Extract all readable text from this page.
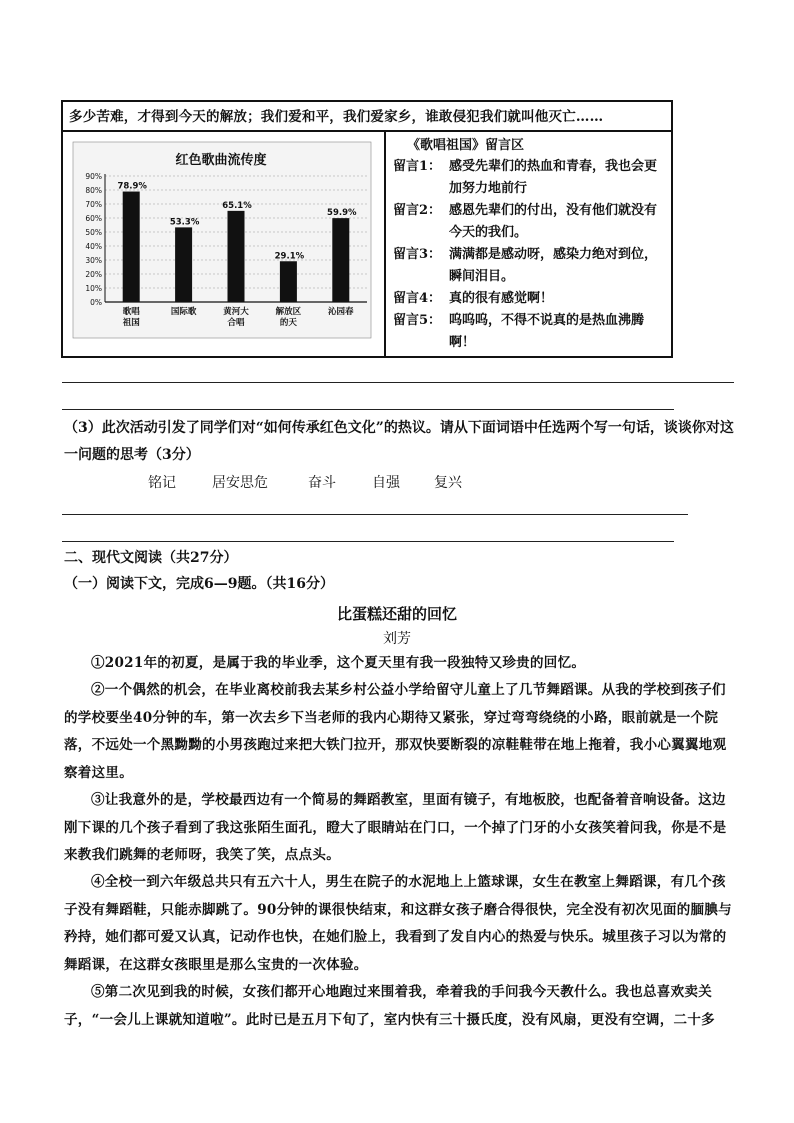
多少苦难，才得到今天的解放；我们爱和平，我们爱家乡，谁敢侵犯我们就叫他灭亡……
红色歌曲流传度
90%
80%
70%
60%
50%
40%
30%
20%
10%
0%
78.9%
歌唱
祖国
53.3%
国际歌
65.1%
黄河大
合唱
29.1%
解放区
的天
59.9%
沁园春
《歌唱祖国》留言区
留言1： 感受先辈们的热血和青春，我也会更加努力地前行
留言2： 感恩先辈们的付出，没有他们就没有今天的我们。
留言3： 满满都是感动呀，感染力绝对到位，瞬间泪目。
留言4： 真的很有感觉啊！
留言5： 呜呜呜，不得不说真的是热血沸腾啊！
（3）此次活动引发了同学们对“如何传承红色文化”的热议。请从下面词语中任选两个写一句话，谈谈你对这一问题的思考（3分）
铭记	居安思危	奋斗	自强	复兴
二、现代文阅读（共27分）
（一）阅读下文，完成6—9题。（共16分）
比蛋糕还甜的回忆
刘芳
①2021年的初夏，是属于我的毕业季，这个夏天里有我一段独特又珍贵的回忆。
②一个偶然的机会，在毕业离校前我去某乡村公益小学给留守儿童上了几节舞蹈课。从我的学校到孩子们的学校要坐40分钟的车，第一次去乡下当老师的我内心期待又紧张，穿过弯弯绕绕的小路，眼前就是一个院落，不远处一个黑黝黝的小男孩跑过来把大铁门拉开，那双快要断裂的凉鞋鞋带在地上拖着，我小心翼翼地观察着这里。
③让我意外的是，学校最西边有一个简易的舞蹈教室，里面有镜子，有地板胶，也配备着音响设备。这边刚下课的几个孩子看到了我这张陌生面孔，瞪大了眼睛站在门口，一个掉了门牙的小女孩笑着问我，你是不是来教我们跳舞的老师呀，我笑了笑，点点头。
④全校一到六年级总共只有五六十人，男生在院子的水泥地上上篮球课，女生在教室上舞蹈课，有几个孩子没有舞蹈鞋，只能赤脚跳了。90分钟的课很快结束，和这群女孩子磨合得很快，完全没有初次见面的腼腆与矜持，她们都可爱又认真，记动作也快，在她们脸上，我看到了发自内心的热爱与快乐。城里孩子习以为常的舞蹈课，在这群女孩眼里是那么宝贵的一次体验。
⑤第二次见到我的时候，女孩们都开心地跑过来围着我，牵着我的手问我今天教什么。我也总喜欢卖关子，“一会儿上课就知道啦”。此时已是五月下旬了，室内快有三十摄氏度，没有风扇，更没有空调，二十多
